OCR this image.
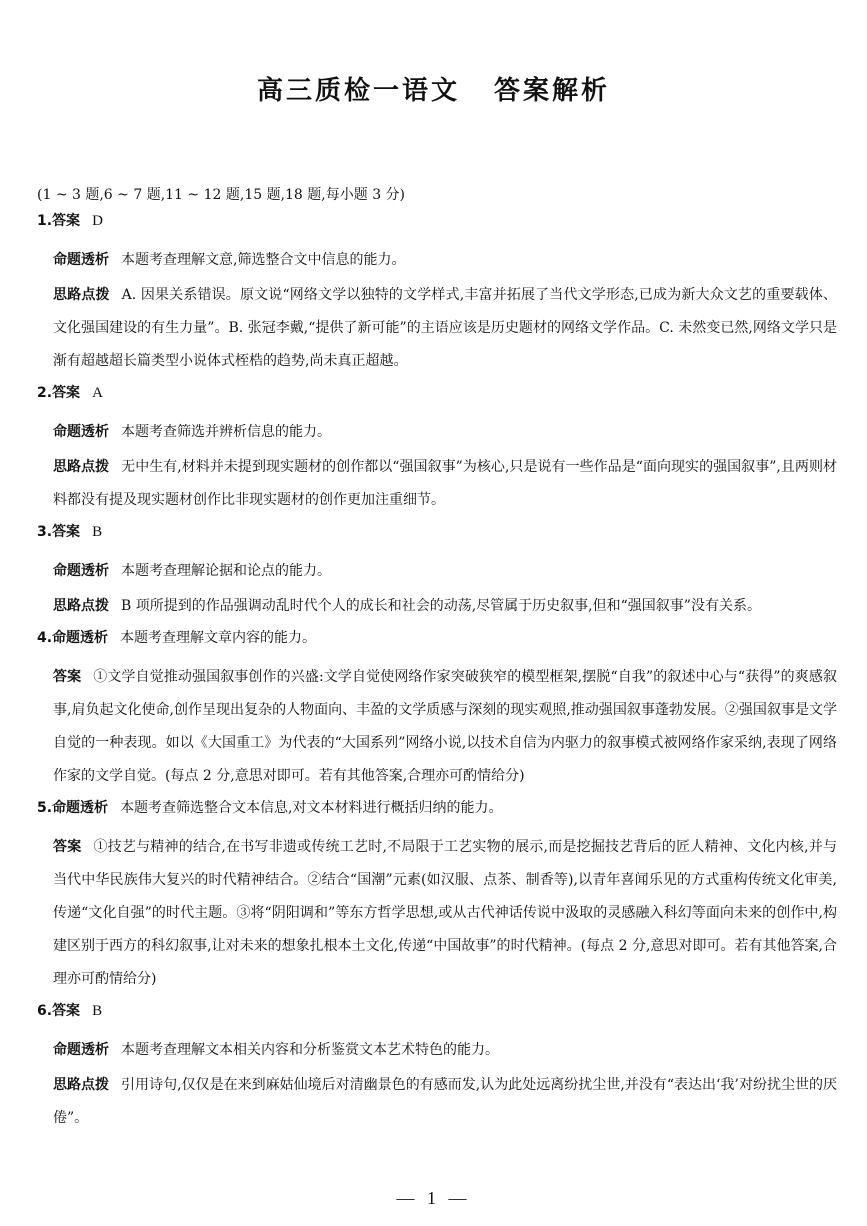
高三质检一语文 答案解析

(1 ~ 3 题,6 ~ 7 题,11 ~ 12 题,15 题,18 题,每小题 3 分)

1.答案 D

命题透析 本题考查理解文意,筛选整合文中信息的能力。

思路点拨 A. 因果关系错误。原文说“网络文学以独特的文学样式,丰富并拓展了当代文学形态,已成为新大众文艺的重要载体、文化强国建设的有生力量”。B. 张冠李戴,“提供了新可能”的主语应该是历史题材的网络文学作品。C. 未然变已然,网络文学只是渐有超越超长篇类型小说体式桎梏的趋势,尚未真正超越。

2.答案 A

命题透析 本题考查筛选并辨析信息的能力。

思路点拨 无中生有,材料并未提到现实题材的创作都以“强国叙事”为核心,只是说有一些作品是“面向现实的强国叙事”,且两则材料都没有提及现实题材创作比非现实题材的创作更加注重细节。

3.答案 B

命题透析 本题考查理解论据和论点的能力。

思路点拨 B 项所提到的作品强调动乱时代个人的成长和社会的动荡,尽管属于历史叙事,但和“强国叙事”没有关系。

4.命题透析 本题考查理解文章内容的能力。

答案 ①文学自觉推动强国叙事创作的兴盛:文学自觉使网络作家突破狭窄的模型框架,摆脱“自我”的叙述中心与“获得”的爽感叙事,肩负起文化使命,创作呈现出复杂的人物面向、丰盈的文学质感与深刻的现实观照,推动强国叙事蓬勃发展。②强国叙事是文学自觉的一种表现。如以《大国重工》为代表的“大国系列”网络小说,以技术自信为内驱力的叙事模式被网络作家采纳,表现了网络作家的文学自觉。(每点 2 分,意思对即可。若有其他答案,合理亦可酌情给分)

5.命题透析 本题考查筛选整合文本信息,对文本材料进行概括归纳的能力。

答案 ①技艺与精神的结合,在书写非遗或传统工艺时,不局限于工艺实物的展示,而是挖掘技艺背后的匠人精神、文化内核,并与当代中华民族伟大复兴的时代精神结合。②结合“国潮”元素(如汉服、点茶、制香等),以青年喜闻乐见的方式重构传统文化审美,传递“文化自强”的时代主题。③将“阴阳调和”等东方哲学思想,或从古代神话传说中汲取的灵感融入科幻等面向未来的创作中,构建区别于西方的科幻叙事,让对未来的想象扎根本土文化,传递“中国故事”的时代精神。(每点 2 分,意思对即可。若有其他答案,合理亦可酌情给分)

6.答案 B

命题透析 本题考查理解文本相关内容和分析鉴赏文本艺术特色的能力。

思路点拨 引用诗句,仅仅是在来到麻姑仙境后对清幽景色的有感而发,认为此处远离纷扰尘世,并没有“表达出‘我’对纷扰尘世的厌倦”。

— 1 —
